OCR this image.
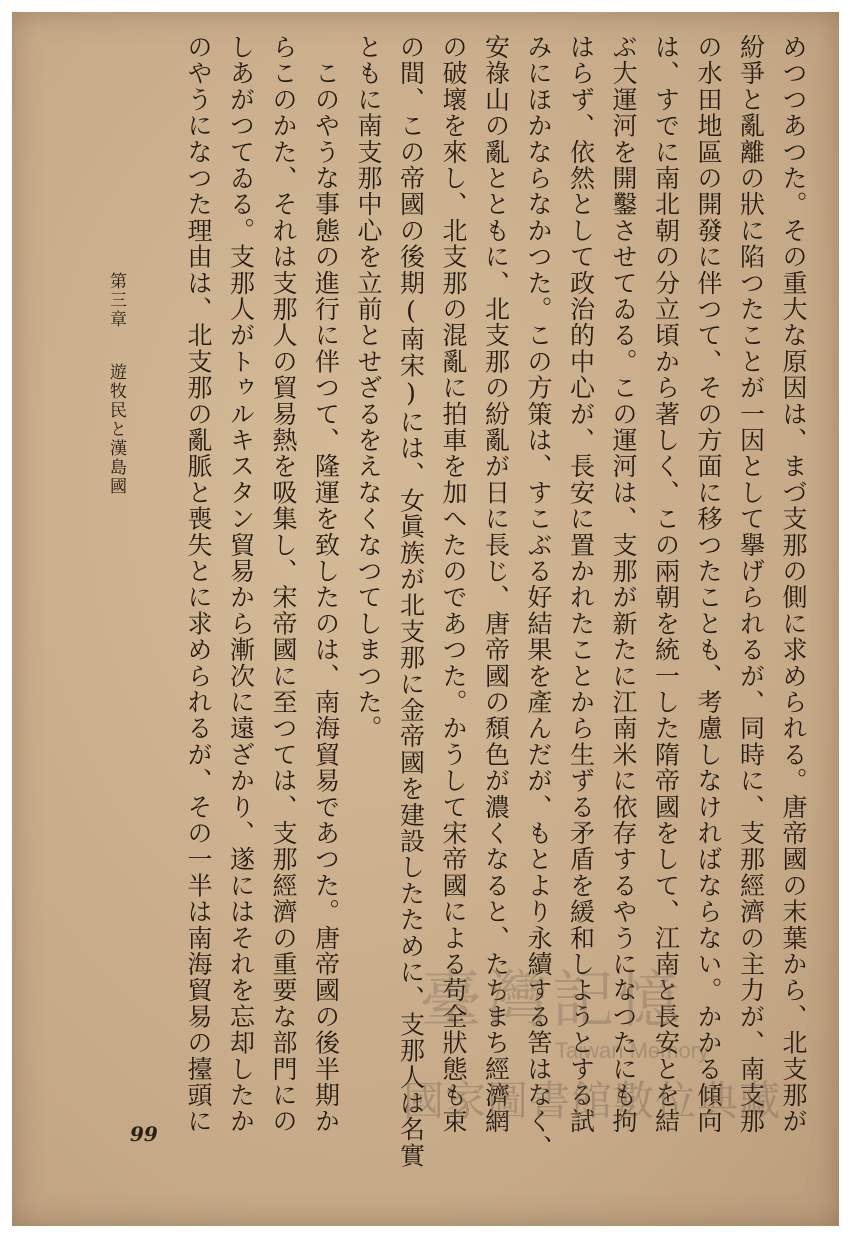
めつつあつた。その重大な原因は、まづ支那の側に求められる。唐帝國の末葉から、北支那が
紛爭と亂離の狀に陷つたことが一因として擧げられるが、同時に、支那經濟の主力が、南支那
の水田地區の開發に伴つて、その方面に移つたことも、考慮しなければならない。かかる傾向
は、すでに南北朝の分立頃から著しく、この兩朝を統一した隋帝國をして、江南と長安とを結
ぶ大運河を開鑿させてゐる。この運河は、支那が新たに江南米に依存するやうになつたにも拘
はらず、依然として政治的中心が、長安に置かれたことから生ずる矛盾を緩和しようとする試
みにほかならなかつた。この方策は、すこぶる好結果を產んだが、もとより永續する筈はなく、
安祿山の亂とともに、北支那の紛亂が日に長じ、唐帝國の頹色が濃くなると、たちまち經濟網
の破壞を來し、北支那の混亂に拍車を加へたのであつた。かうして宋帝國による苟全狀態も束
の間、この帝國の後期(南宋)には、女眞族が北支那に金帝國を建設したために、支那人は名實
ともに南支那中心を立前とせざるをえなくなつてしまつた。
　このやうな事態の進行に伴つて、隆運を致したのは、南海貿易であつた。唐帝國の後半期か
らこのかた、それは支那人の貿易熱を吸集し、宋帝國に至つては、支那經濟の重要な部門にの
しあがつてゐる。支那人がトゥルキスタン貿易から漸次に遠ざかり、遂にはそれを忘却したか
のやうになつた理由は、北支那の亂脈と喪失とに求められるが、その一半は南海貿易の擡頭に
第三章遊牧民と漢島國
99
臺灣記憶
Taiwan Memory
國家圖書館數位典藏
